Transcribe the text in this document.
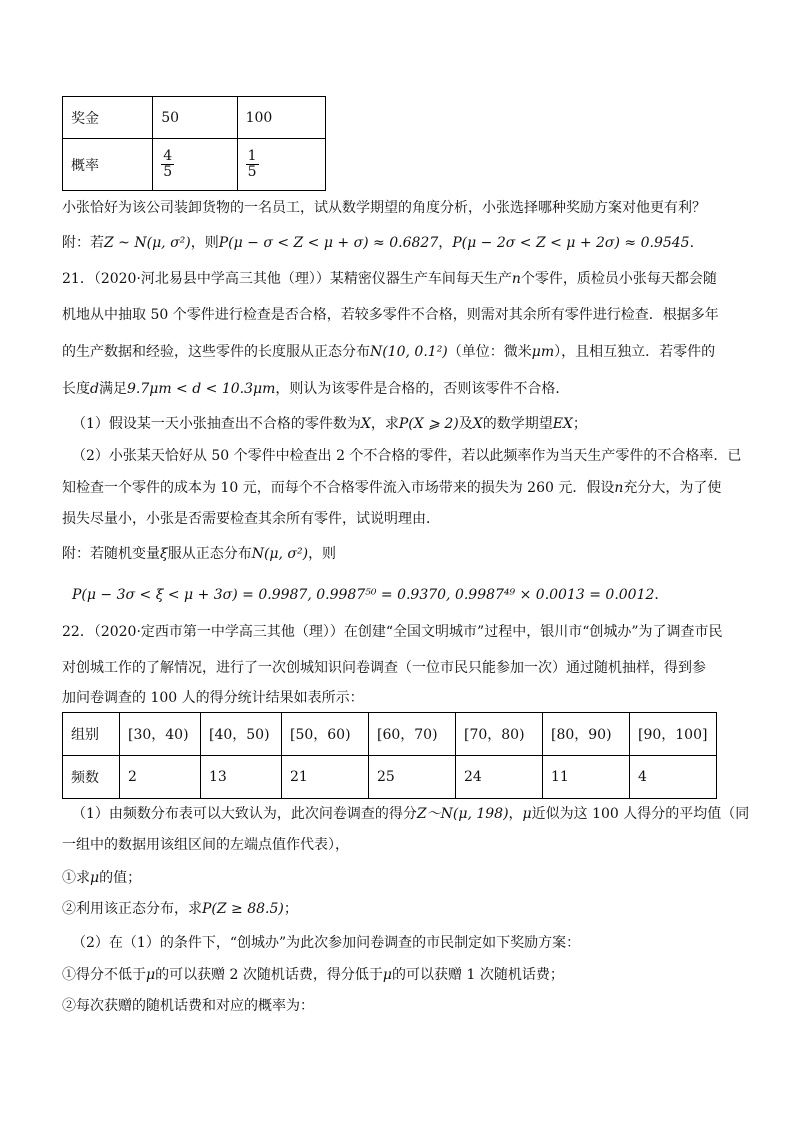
奖金	50	100
概率	$\frac{4}{5}$	$\frac{1}{5}$
小张恰好为该公司装卸货物的一名员工，试从数学期望的角度分析，小张选择哪种奖励方案对他更有利？
附：若Z ~ N(μ, σ²)，则P(μ − σ < Z < μ + σ) ≈ 0.6827，P(μ − 2σ < Z < μ + 2σ) ≈ 0.9545.
21．（2020·河北易县中学高三其他（理））某精密仪器生产车间每天生产n个零件，质检员小张每天都会随
机地从中抽取 50 个零件进行检查是否合格，若较多零件不合格，则需对其余所有零件进行检查．根据多年
的生产数据和经验，这些零件的长度服从正态分布N(10, 0.1²)（单位：微米μm），且相互独立．若零件的
长度d满足9.7μm < d < 10.3μm，则认为该零件是合格的，否则该零件不合格．
（1）假设某一天小张抽查出不合格的零件数为X，求P(X ⩾ 2)及X的数学期望EX；
（2）小张某天恰好从 50 个零件中检查出 2 个不合格的零件，若以此频率作为当天生产零件的不合格率．已
知检查一个零件的成本为 10 元，而每个不合格零件流入市场带来的损失为 260 元．假设n充分大，为了使
损失尽量小，小张是否需要检查其余所有零件，试说明理由．
附：若随机变量ξ服从正态分布N(μ, σ²)，则
P(μ − 3σ < ξ < μ + 3σ) = 0.9987, 0.9987⁵⁰ = 0.9370, 0.9987⁴⁹ × 0.0013 = 0.0012．
22．（2020·定西市第一中学高三其他（理））在创建“全国文明城市”过程中，银川市“创城办”为了调查市民
对创城工作的了解情况，进行了一次创城知识问卷调查（一位市民只能参加一次）通过随机抽样，得到参
加问卷调查的 100 人的得分统计结果如表所示：
组别	[30，40)	[40，50)	[50，60)	[60，70)	[70，80)	[80，90)	[90，100]
频数	2	13	21	25	24	11	4
（1）由频数分布表可以大致认为，此次问卷调查的得分Z～N(μ, 198)，μ近似为这 100 人得分的平均值（同
一组中的数据用该组区间的左端点值作代表），
①求μ的值；
②利用该正态分布，求P(Z ≥ 88.5)；
（2）在（1）的条件下，“创城办”为此次参加问卷调查的市民制定如下奖励方案：
①得分不低于μ的可以获赠 2 次随机话费，得分低于μ的可以获赠 1 次随机话费；
②每次获赠的随机话费和对应的概率为：
